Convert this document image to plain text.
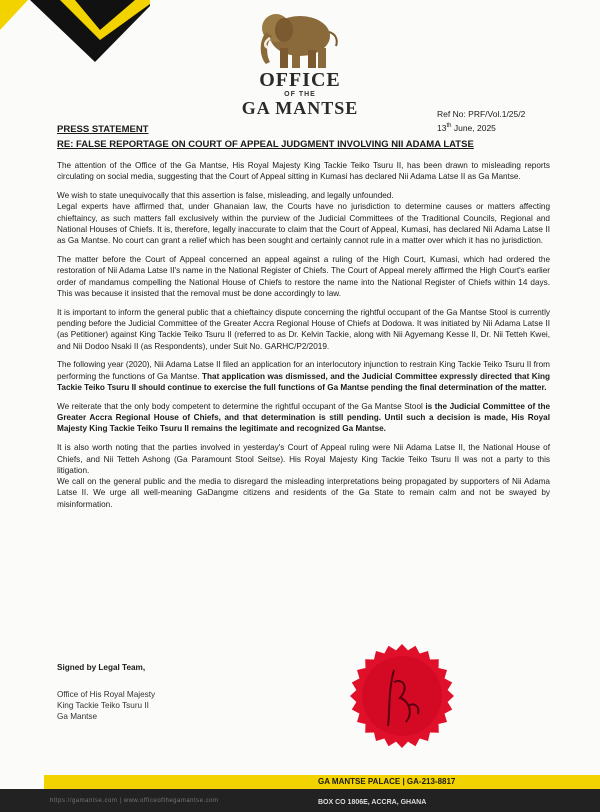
OFFICE
OF THE
GA MANTSE	Ref No: PRF/Vol.1/25/2
13th June, 2025
PRESS STATEMENT
RE: FALSE REPORTAGE ON COURT OF APPEAL JUDGMENT INVOLVING NII ADAMA LATSE

The attention of the Office of the Ga Mantse, His Royal Majesty King Tackie Teiko Tsuru II, has been drawn to misleading reports circulating on social media, suggesting that the Court of Appeal sitting in Kumasi has declared Nii Adama Latse II as Ga Mantse.

We wish to state unequivocally that this assertion is false, misleading, and legally unfounded.

Legal experts have affirmed that, under Ghanaian law, the Courts have no jurisdiction to determine causes or matters affecting chieftaincy, as such matters fall exclusively within the purview of the Judicial Committees of the Traditional Councils, Regional and National Houses of Chiefs. It is, therefore, legally inaccurate to claim that the Court of Appeal, Kumasi, has declared Nii Adama Latse II as Ga Mantse. No court can grant a relief which has been sought and certainly cannot rule in a matter over which it has no jurisdiction.

The matter before the Court of Appeal concerned an appeal against a ruling of the High Court, Kumasi, which had ordered the restoration of Nii Adama Latse II's name in the National Register of Chiefs. The Court of Appeal merely affirmed the High Court's earlier order of mandamus compelling the National House of Chiefs to restore the name into the National Register of Chiefs within 14 days. This was because it insisted that the removal must be done accordingly to law.

It is important to inform the general public that a chieftaincy dispute concerning the rightful occupant of the Ga Mantse Stool is currently pending before the Judicial Committee of the Greater Accra Regional House of Chiefs at Dodowa. It was initiated by Nii Adama Latse II (as Petitioner) against King Tackie Teiko Tsuru II (referred to as Dr. Kelvin Tackie, along with Nii Agyemang Kesse II, Dr. Nii Tetteh Kwei, and Nii Dodoo Nsaki II (as Respondents), under Suit No. GARHC/P2/2019.

The following year (2020), Nii Adama Latse II filed an application for an interlocutory injunction to restrain King Tackie Teiko Tsuru II from performing the functions of Ga Mantse. That application was dismissed, and the Judicial Committee expressly directed that King Tackie Teiko Tsuru II should continue to exercise the full functions of Ga Mantse pending the final determination of the matter.

We reiterate that the only body competent to determine the rightful occupant of the Ga Mantse Stool is the Judicial Committee of the Greater Accra Regional House of Chiefs, and that determination is still pending. Until such a decision is made, His Royal Majesty King Tackie Teiko Tsuru II remains the legitimate and recognized Ga Mantse.

It is also worth noting that the parties involved in yesterday's Court of Appeal ruling were Nii Adama Latse II, the National House of Chiefs, and Nii Tetteh Ashong (Ga Paramount Stool Seitse). His Royal Majesty King Tackie Teiko Tsuru II was not a party to this litigation.

We call on the general public and the media to disregard the misleading interpretations being propagated by supporters of Nii Adama Latse II. We urge all well-meaning GaDangme citizens and residents of the Ga State to remain calm and not be swayed by misinformation.

Signed by Legal Team,
Office of His Royal Majesty
King Tackie Teiko Tsuru II
Ga Mantse
GA MANTSE PALACE | GA-213-8817
BOX CO 1806E, ACCRA, GHANA
https://gamantse.com | www.officeofthegamantse.com
